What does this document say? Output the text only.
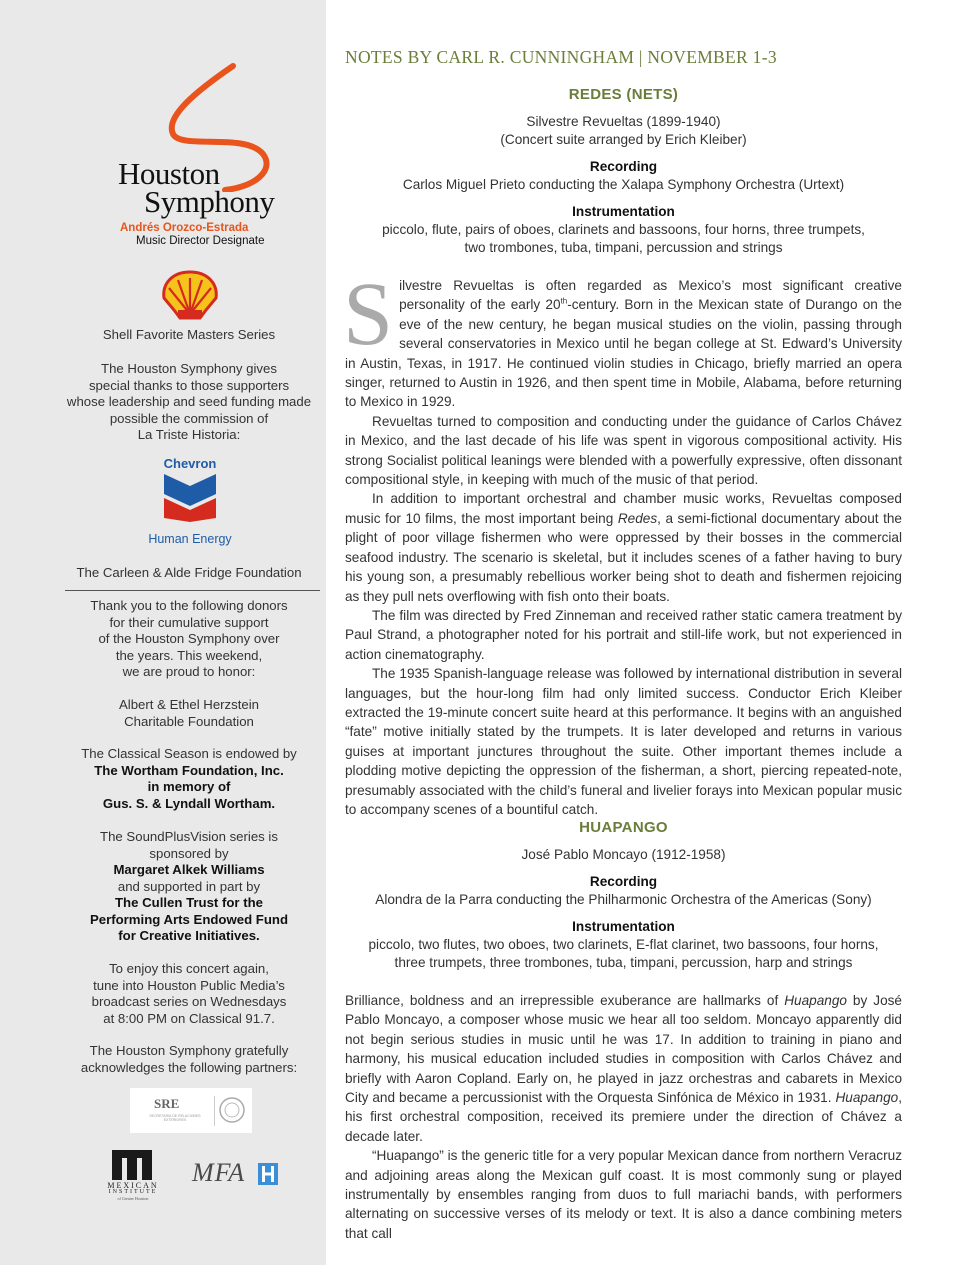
Houston
Symphony
Andrés Orozco-Estrada
Music Director Designate
Shell Favorite Masters Series
The Houston Symphony gives
special thanks to those supporters
whose leadership and seed funding made
possible the commission of
La Triste Historia:
Chevron
Human Energy
The Carleen & Alde Fridge Foundation
Thank you to the following donors
for their cumulative support
of the Houston Symphony over
the years. This weekend,
we are proud to honor:
Albert & Ethel Herzstein
Charitable Foundation
The Classical Season is endowed by
The Wortham Foundation, Inc.
in memory of
Gus. S. & Lyndall Wortham.
The SoundPlusVision series is
sponsored by
Margaret Alkek Williams
and supported in part by
The Cullen Trust for the
Performing Arts Endowed Fund
for Creative Initiatives.
To enjoy this concert again,
tune into Houston Public Media’s
broadcast series on Wednesdays
at 8:00 PM on Classical 91.7.
The Houston Symphony gratefully
acknowledges the following partners:
SRE
SECRETARÍA DE RELACIONES EXTERIORES
MEXICAN
INSTITUTE
of Greater Houston
MFA
NOTES BY CARL R. CUNNINGHAM | NOVEMBER 1-3
REDES (NETS)
Silvestre Revueltas (1899-1940)
(Concert suite arranged by Erich Kleiber)
Recording
Carlos Miguel Prieto conducting the Xalapa Symphony Orchestra (Urtext)
Instrumentation
piccolo, flute, pairs of oboes, clarinets and bassoons, four horns, three trumpets,
two trombones, tuba, timpani, percussion and strings

Silvestre Revueltas is often regarded as Mexico’s most significant creative personality of the early 20th-century. Born in the Mexican state of Durango on the eve of the new century, he began musical studies on the violin, passing through several conservatories in Mexico until he began college at St. Edward’s University in Austin, Texas, in 1917. He continued violin studies in Chicago, briefly married an opera singer, returned to Austin in 1926, and then spent time in Mobile, Alabama, before returning to Mexico in 1929.

Revueltas turned to composition and conducting under the guidance of Carlos Chávez in Mexico, and the last decade of his life was spent in vigorous compositional activity. His strong Socialist political leanings were blended with a powerfully expressive, often dissonant compositional style, in keeping with much of the music of that period.

In addition to important orchestral and chamber music works, Revueltas composed music for 10 films, the most important being Redes, a semi-fictional documentary about the plight of poor village fishermen who were oppressed by their bosses in the commercial seafood industry. The scenario is skeletal, but it includes scenes of a father having to bury his young son, a presumably rebellious worker being shot to death and fishermen rejoicing as they pull nets overflowing with fish onto their boats.

The film was directed by Fred Zinneman and received rather static camera treatment by Paul Strand, a photographer noted for his portrait and still-life work, but not experienced in action cinematography.

The 1935 Spanish-language release was followed by international distribution in several languages, but the hour-long film had only limited success. Conductor Erich Kleiber extracted the 19-minute concert suite heard at this performance. It begins with an anguished “fate” motive initially stated by the trumpets. It is later developed and returns in various guises at important junctures throughout the suite. Other important themes include a plodding motive depicting the oppression of the fisherman, a short, piercing repeated-note, presumably associated with the child’s funeral and livelier forays into Mexican popular music to accompany scenes of a bountiful catch.

HUAPANGO
José Pablo Moncayo (1912-1958)
Recording
Alondra de la Parra conducting the Philharmonic Orchestra of the Americas (Sony)
Instrumentation
piccolo, two flutes, two oboes, two clarinets, E-flat clarinet, two bassoons, four horns,
three trumpets, three trombones, tuba, timpani, percussion, harp and strings

Brilliance, boldness and an irrepressible exuberance are hallmarks of Huapango by José Pablo Moncayo, a composer whose music we hear all too seldom. Moncayo apparently did not begin serious studies in music until he was 17. In addition to training in piano and harmony, his musical education included studies in composition with Carlos Chávez and briefly with Aaron Copland. Early on, he played in jazz orchestras and cabarets in Mexico City and became a percussionist with the Orquesta Sinfónica de México in 1931. Huapango, his first orchestral composition, received its premiere under the direction of Chávez a decade later.

“Huapango” is the generic title for a very popular Mexican dance from northern Veracruz and adjoining areas along the Mexican gulf coast. It is most commonly sung or played instrumentally by ensembles ranging from duos to full mariachi bands, with performers alternating on successive verses of its melody or text. It is also a dance combining meters that call
